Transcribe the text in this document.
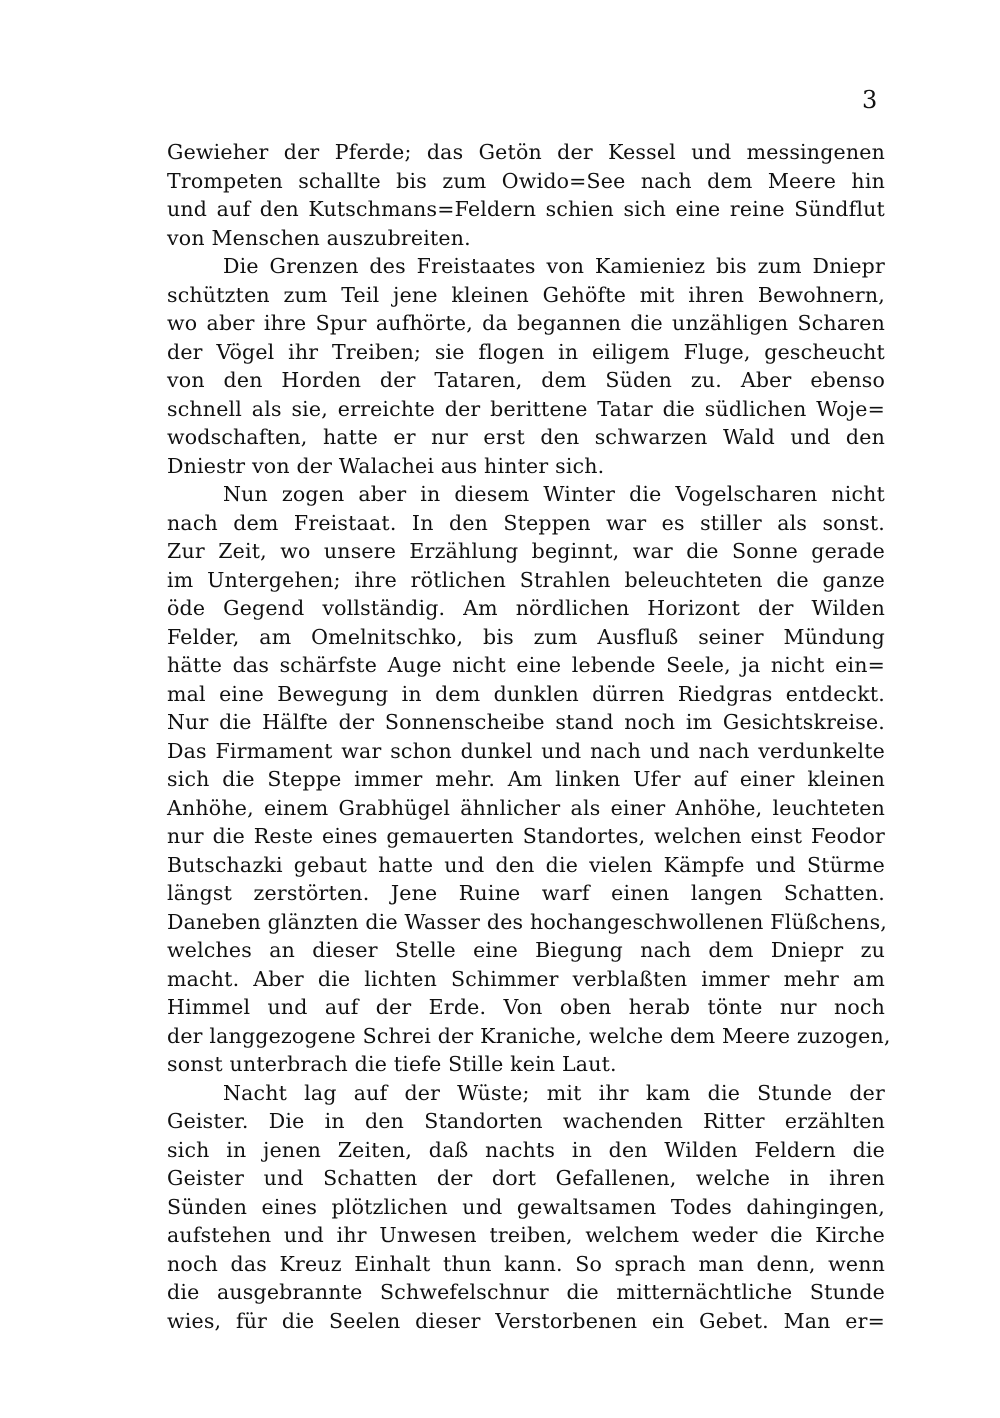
3
Gewieher der Pferde; das Getön der Kessel und messingenen
Trompeten schallte bis zum Owido=See nach dem Meere hin
und auf den Kutschmans=Feldern schien sich eine reine Sündflut
von Menschen auszubreiten.
Die Grenzen des Freistaates von Kamieniez bis zum Dniepr
schützten zum Teil jene kleinen Gehöfte mit ihren Bewohnern,
wo aber ihre Spur aufhörte, da begannen die unzähligen Scharen
der Vögel ihr Treiben; sie flogen in eiligem Fluge, gescheucht
von den Horden der Tataren, dem Süden zu. Aber ebenso
schnell als sie, erreichte der berittene Tatar die südlichen Woje=
wodschaften, hatte er nur erst den schwarzen Wald und den
Dniestr von der Walachei aus hinter sich.
Nun zogen aber in diesem Winter die Vogelscharen nicht
nach dem Freistaat. In den Steppen war es stiller als sonst.
Zur Zeit, wo unsere Erzählung beginnt, war die Sonne gerade
im Untergehen; ihre rötlichen Strahlen beleuchteten die ganze
öde Gegend vollständig. Am nördlichen Horizont der Wilden
Felder, am Omelnitschko, bis zum Ausfluß seiner Mündung
hätte das schärfste Auge nicht eine lebende Seele, ja nicht ein=
mal eine Bewegung in dem dunklen dürren Riedgras entdeckt.
Nur die Hälfte der Sonnenscheibe stand noch im Gesichtskreise.
Das Firmament war schon dunkel und nach und nach verdunkelte
sich die Steppe immer mehr. Am linken Ufer auf einer kleinen
Anhöhe, einem Grabhügel ähnlicher als einer Anhöhe, leuchteten
nur die Reste eines gemauerten Standortes, welchen einst Feodor
Butschazki gebaut hatte und den die vielen Kämpfe und Stürme
längst zerstörten. Jene Ruine warf einen langen Schatten.
Daneben glänzten die Wasser des hochangeschwollenen Flüßchens,
welches an dieser Stelle eine Biegung nach dem Dniepr zu
macht. Aber die lichten Schimmer verblaßten immer mehr am
Himmel und auf der Erde. Von oben herab tönte nur noch
der langgezogene Schrei der Kraniche, welche dem Meere zuzogen,
sonst unterbrach die tiefe Stille kein Laut.
Nacht lag auf der Wüste; mit ihr kam die Stunde der
Geister. Die in den Standorten wachenden Ritter erzählten
sich in jenen Zeiten, daß nachts in den Wilden Feldern die
Geister und Schatten der dort Gefallenen, welche in ihren
Sünden eines plötzlichen und gewaltsamen Todes dahingingen,
aufstehen und ihr Unwesen treiben, welchem weder die Kirche
noch das Kreuz Einhalt thun kann. So sprach man denn, wenn
die ausgebrannte Schwefelschnur die mitternächtliche Stunde
wies, für die Seelen dieser Verstorbenen ein Gebet. Man er=
